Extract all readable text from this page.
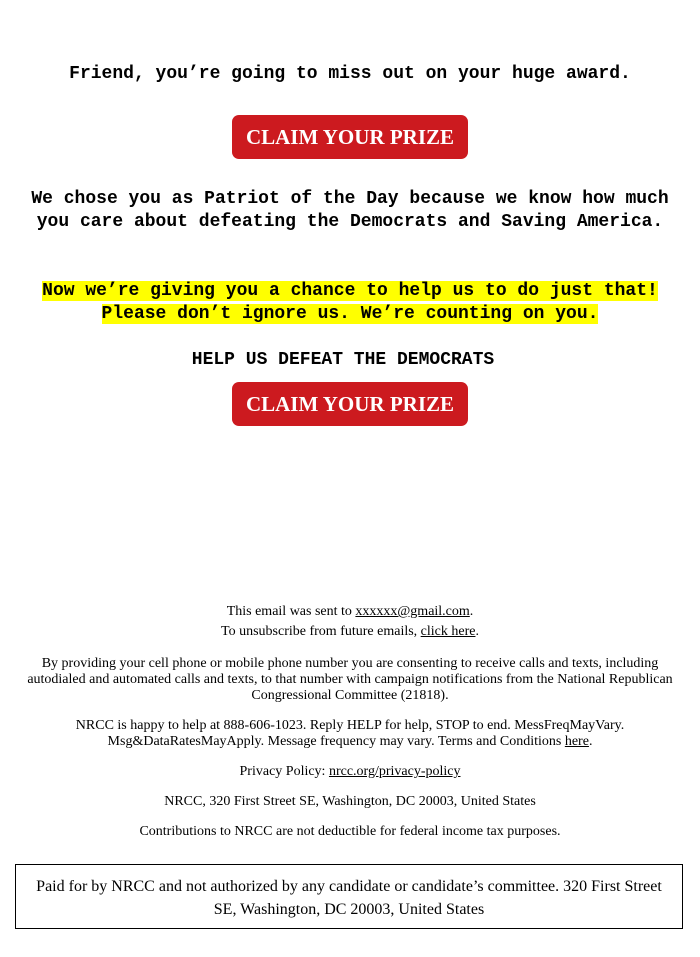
Friend, you’re going to miss out on your huge award.

CLAIM YOUR PRIZE

We chose you as Patriot of the Day because we know how much you care about defeating the Democrats and Saving America.

Now we’re giving you a chance to help us to do just that! Please don’t ignore us. We’re counting on you.

HELP US DEFEAT THE DEMOCRATS

CLAIM YOUR PRIZE

This email was sent to xxxxxx@gmail.com.

To unsubscribe from future emails, click here.

By providing your cell phone or mobile phone number you are consenting to receive calls and texts, including autodialed and automated calls and texts, to that number with campaign notifications from the National Republican Congressional Committee (21818).

NRCC is happy to help at 888-606-1023. Reply HELP for help, STOP to end. MessFreqMayVary. Msg&DataRatesMayApply. Message frequency may vary. Terms and Conditions here.

Privacy Policy: nrcc.org/privacy-policy

NRCC, 320 First Street SE, Washington, DC 20003, United States

Contributions to NRCC are not deductible for federal income tax purposes.

Paid for by NRCC and not authorized by any candidate or candidate’s committee. 320 First Street SE, Washington, DC 20003, United States
